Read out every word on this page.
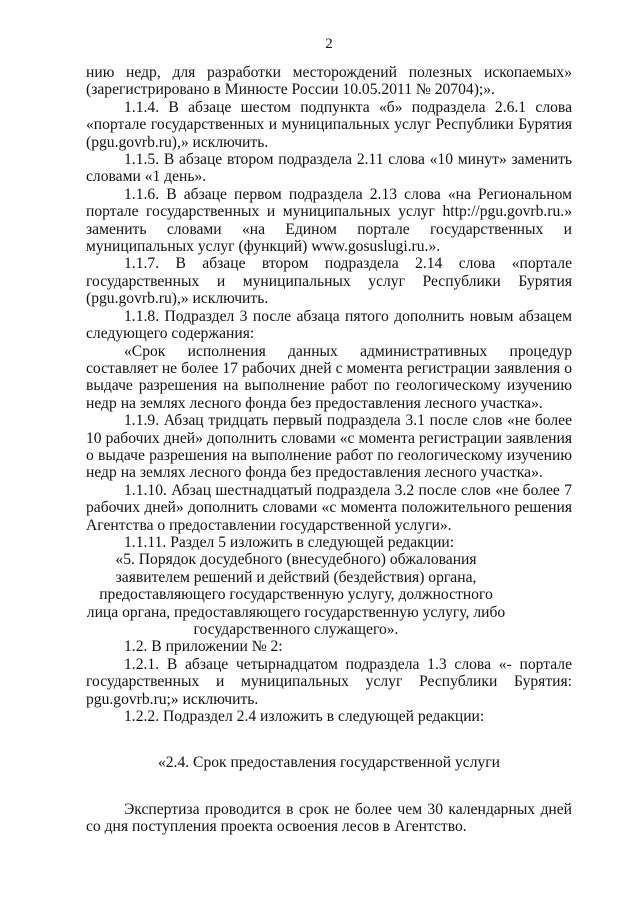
2

нию недр, для разработки месторождений полезных ископаемых» (зарегистрировано в Минюсте России 10.05.2011 № 20704);».

1.1.4. В абзаце шестом подпункта «б» подраздела 2.6.1 слова «портале государственных и муниципальных услуг Республики Бурятия (pgu.govrb.ru),» исключить.

1.1.5. В абзаце втором подраздела 2.11 слова «10 минут» заменить словами «1 день».

1.1.6. В абзаце первом подраздела 2.13 слова «на Региональном портале государственных и муниципальных услуг http://pgu.govrb.ru.» заменить словами «на Едином портале государственных и муниципальных услуг (функций) www.gosuslugi.ru.».

1.1.7. В абзаце втором подраздела 2.14 слова «портале государственных и муниципальных услуг Республики Бурятия (pgu.govrb.ru),» исключить.

1.1.8. Подраздел 3 после абзаца пятого дополнить новым абзацем следующего содержания:

«Срок исполнения данных административных процедур составляет не более 17 рабочих дней с момента регистрации заявления о выдаче разрешения на выполнение работ по геологическому изучению недр на землях лесного фонда без предоставления лесного участка».

1.1.9. Абзац тридцать первый подраздела 3.1 после слов «не более 10 рабочих дней» дополнить словами «с момента регистрации заявления о выдаче разрешения на выполнение работ по геологическому изучению недр на землях лесного фонда без предоставления лесного участка».

1.1.10. Абзац шестнадцатый подраздела 3.2 после слов «не более 7 рабочих дней» дополнить словами «с момента положительного решения Агентства о предоставлении государственной услуги».

1.1.11. Раздел 5 изложить в следующей редакции:

«5. Порядок досудебного (внесудебного) обжалования заявителем решений и действий (бездействия) органа, предоставляющего государственную услугу, должностного лица органа, предоставляющего государственную услугу, либо государственного служащего».

1.2. В приложении № 2:

1.2.1. В абзаце четырнадцатом подраздела 1.3 слова «- портале государственных и муниципальных услуг Республики Бурятия: pgu.govrb.ru;» исключить.

1.2.2. Подраздел 2.4 изложить в следующей редакции:

«2.4. Срок предоставления государственной услуги

Экспертиза проводится в срок не более чем 30 календарных дней со дня поступления проекта освоения лесов в Агентство.
